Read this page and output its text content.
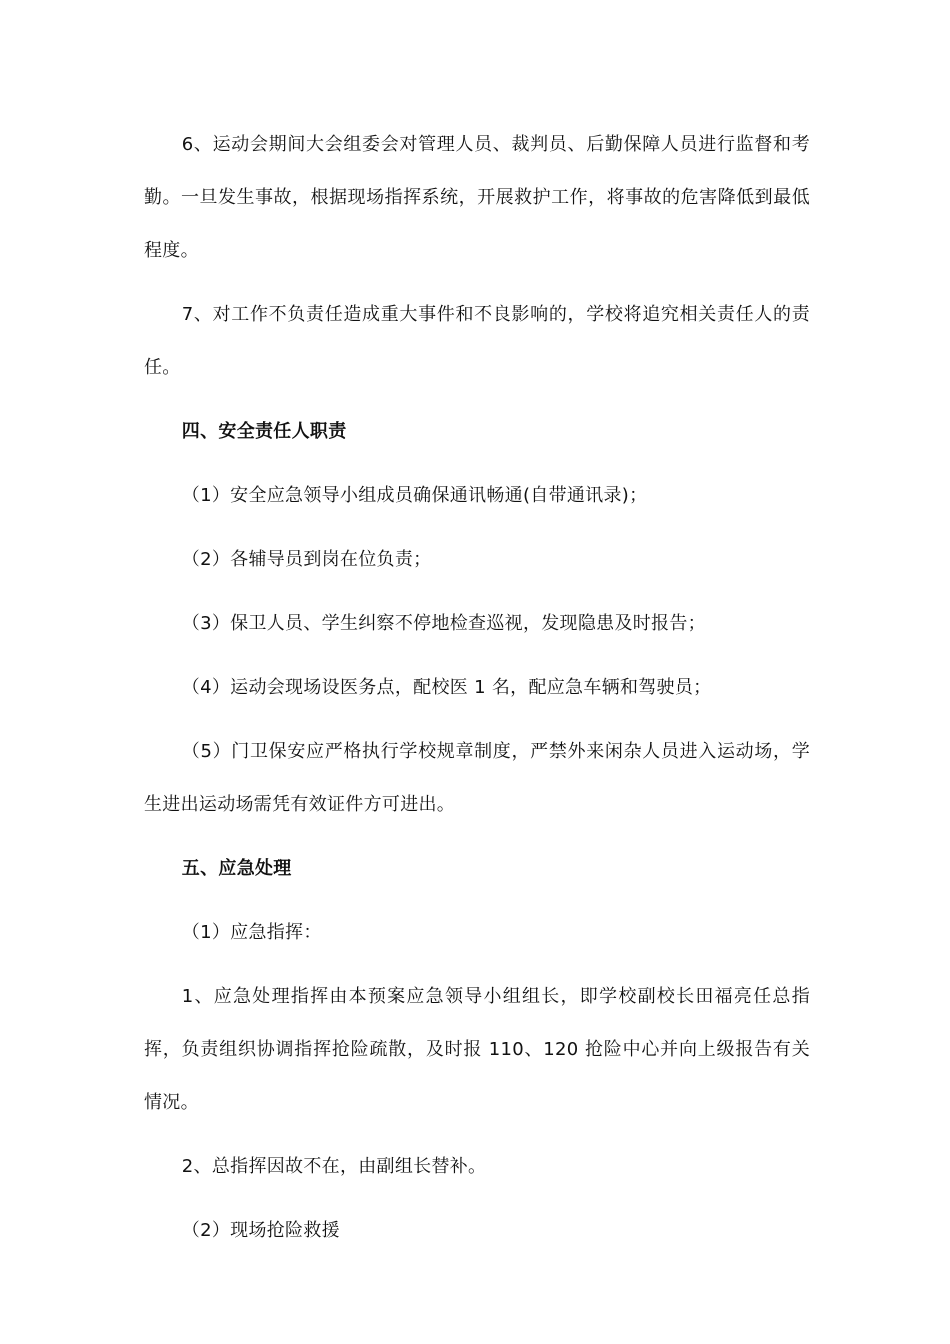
6、运动会期间大会组委会对管理人员、裁判员、后勤保障人员进行监督和考勤。一旦发生事故，根据现场指挥系统，开展救护工作，将事故的危害降低到最低程度。

7、对工作不负责任造成重大事件和不良影响的，学校将追究相关责任人的责任。

四、安全责任人职责

（1）安全应急领导小组成员确保通讯畅通(自带通讯录)；

（2）各辅导员到岗在位负责；

（3）保卫人员、学生纠察不停地检查巡视，发现隐患及时报告；

（4）运动会现场设医务点，配校医 1 名，配应急车辆和驾驶员；

（5）门卫保安应严格执行学校规章制度，严禁外来闲杂人员进入运动场，学生进出运动场需凭有效证件方可进出。

五、应急处理

（1）应急指挥：

1、应急处理指挥由本预案应急领导小组组长，即学校副校长田福亮任总指挥，负责组织协调指挥抢险疏散，及时报 110、120 抢险中心并向上级报告有关情况。

2、总指挥因故不在，由副组长替补。

（2）现场抢险救援
